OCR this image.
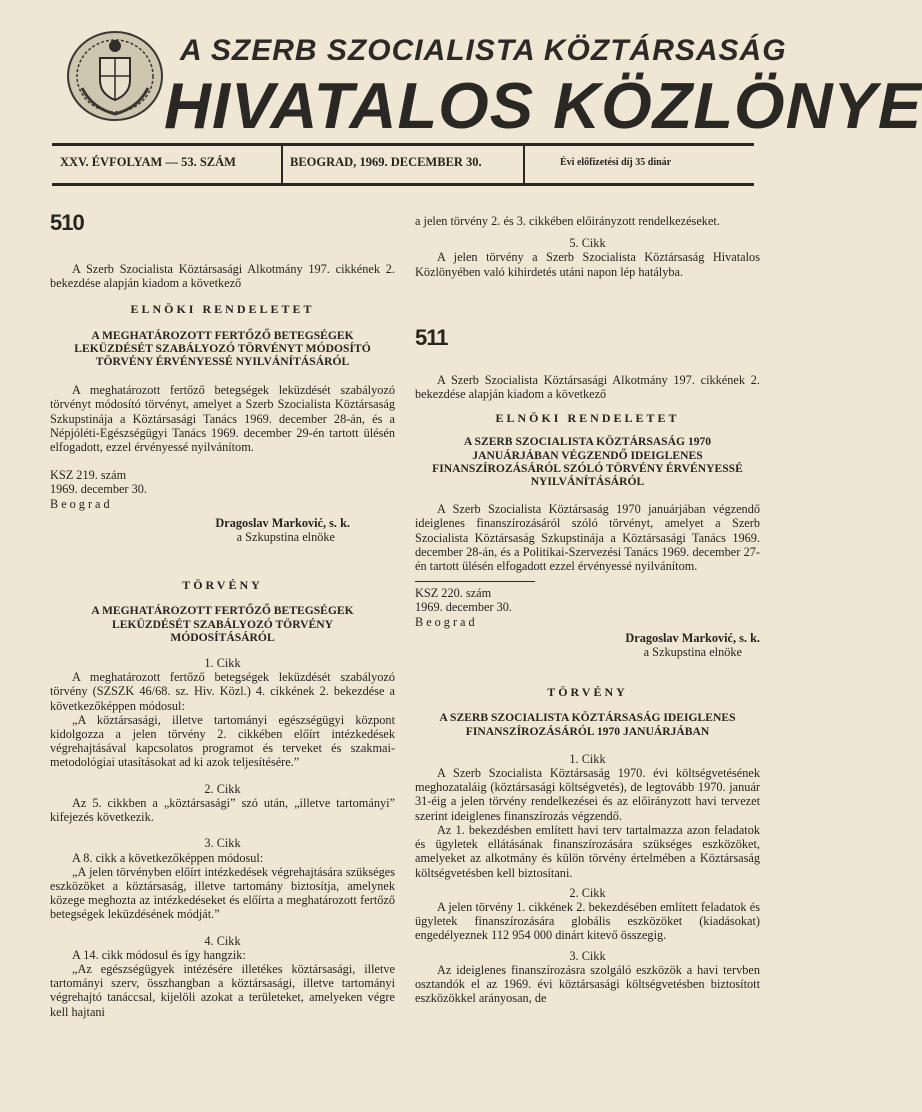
A SZERB SZOCIALISTA KÖZTÁRSASÁG
HIVATALOS KÖZLÖNYE
XXV. ÉVFOLYAM — 53. SZÁM	BEOGRAD, 1969. DECEMBER 30.	Évi előfizetési díj 35 dinár
510

A Szerb Szocialista Köztársasági Alkotmány 197. cikkének 2. bekezdése alapján kiadom a következő

ELNÖKI RENDELETET

A MEGHATÁROZOTT FERTŐZŐ BETEGSÉGEK LEKÜZDÉSÉT SZABÁLYOZÓ TÖRVÉNYT MÓDOSÍTÓ TÖRVÉNY ÉRVÉNYESSÉ NYILVÁNÍTÁSÁRÓL

A meghatározott fertőző betegségek leküzdését szabályozó törvényt módosító törvényt, amelyet a Szerb Szocialista Köztársaság Szkupstinája a Köztársasági Tanács 1969. december 28-án, és a Népjóléti-Egészségügyi Tanács 1969. december 29-én tartott ülésén elfogadott, ezzel érvényessé nyilvánítom.

KSZ 219. szám

1969. december 30.

Beograd

Dragoslav Marković, s. k.

a Szkupstina elnöke

TÖRVÉNY

A MEGHATÁROZOTT FERTŐZŐ BETEGSÉGEK LEKÜZDÉSÉT SZABÁLYOZÓ TÖRVÉNY MÓDOSÍTÁSÁRÓL

1. Cikk

A meghatározott fertőző betegségek leküzdését szabályozó törvény (SZSZK 46/68. sz. Hiv. Közl.) 4. cikkének 2. bekezdése a következőképpen módosul:

„A köztársasági, illetve tartományi egészségügyi központ kidolgozza a jelen törvény 2. cikkében előírt intézkedések végrehajtásával kapcsolatos programot és terveket és szakmai-metodológiai utasításokat ad ki azok teljesítésére.”

2. Cikk

Az 5. cikkben a „köztársasági” szó után, „illetve tartományi” kifejezés következik.

3. Cikk

A 8. cikk a következőképpen módosul:

„A jelen törvényben előírt intézkedések végrehajtására szükséges eszközöket a köztársaság, illetve tartomány biztosítja, amelynek közege meghozta az intézkedéseket és előírta a meghatározott fertőző betegségek leküzdésének módját.”

4. Cikk

A 14. cikk módosul és így hangzik:

„Az egészségügyek intézésére illetékes köztársasági, illetve tartományi szerv, összhangban a köztársasági, illetve tartományi végrehajtó tanáccsal, kijelöli azokat a területeket, amelyeken végre kell hajtani

a jelen törvény 2. és 3. cikkében előirányzott rendelkezéseket.

5. Cikk

A jelen törvény a Szerb Szocialista Köztársaság Hivatalos Közlönyében való kihirdetés utáni napon lép hatályba.

511

A Szerb Szocialista Köztársasági Alkotmány 197. cikkének 2. bekezdése alapján kiadom a következő

ELNÖKI RENDELETET

A SZERB SZOCIALISTA KÖZTÁRSASÁG 1970 JANUÁRJÁBAN VÉGZENDŐ IDEIGLENES FINANSZÍROZÁSÁRÓL SZÓLÓ TÖRVÉNY ÉRVÉNYESSÉ NYILVÁNÍTÁSÁRÓL

A Szerb Szocialista Köztársaság 1970 januárjában végzendő ideiglenes finanszírozásáról szóló törvényt, amelyet a Szerb Szocialista Köztársaság Szkupstinája a Köztársasági Tanács 1969. december 28-án, és a Politikai-Szervezési Tanács 1969. december 27-én tartott ülésén elfogadott ezzel érvényessé nyilvánítom.

KSZ 220. szám

1969. december 30.

Beograd

Dragoslav Marković, s. k.

a Szkupstina elnöke

TÖRVÉNY

A SZERB SZOCIALISTA KÖZTÁRSASÁG IDEIGLENES FINANSZÍROZÁSÁRÓL 1970 JANUÁRJÁBAN

1. Cikk

A Szerb Szocialista Köztársaság 1970. évi költségvetésének meghozataláig (köztársasági költségvetés), de legtovább 1970. január 31-éig a jelen törvény rendelkezései és az előirányzott havi tervezet szerint ideiglenes finanszírozás végzendő.

Az 1. bekezdésben említett havi terv tartalmazza azon feladatok és ügyletek ellátásának finanszírozására szükséges eszközöket, amelyeket az alkotmány és külön törvény értelmében a Köztársaság költségvetésben kell biztosítani.

2. Cikk

A jelen törvény 1. cikkének 2. bekezdésében említett feladatok és ügyletek finanszírozására globális eszközöket (kiadásokat) engedélyeznek 112 954 000 dinárt kitevő összegig.

3. Cikk

Az ideiglenes finanszírozásra szolgáló eszközök a havi tervben osztandók el az 1969. évi köztársasági költségvetésben biztosított eszközökkel arányosan, de
